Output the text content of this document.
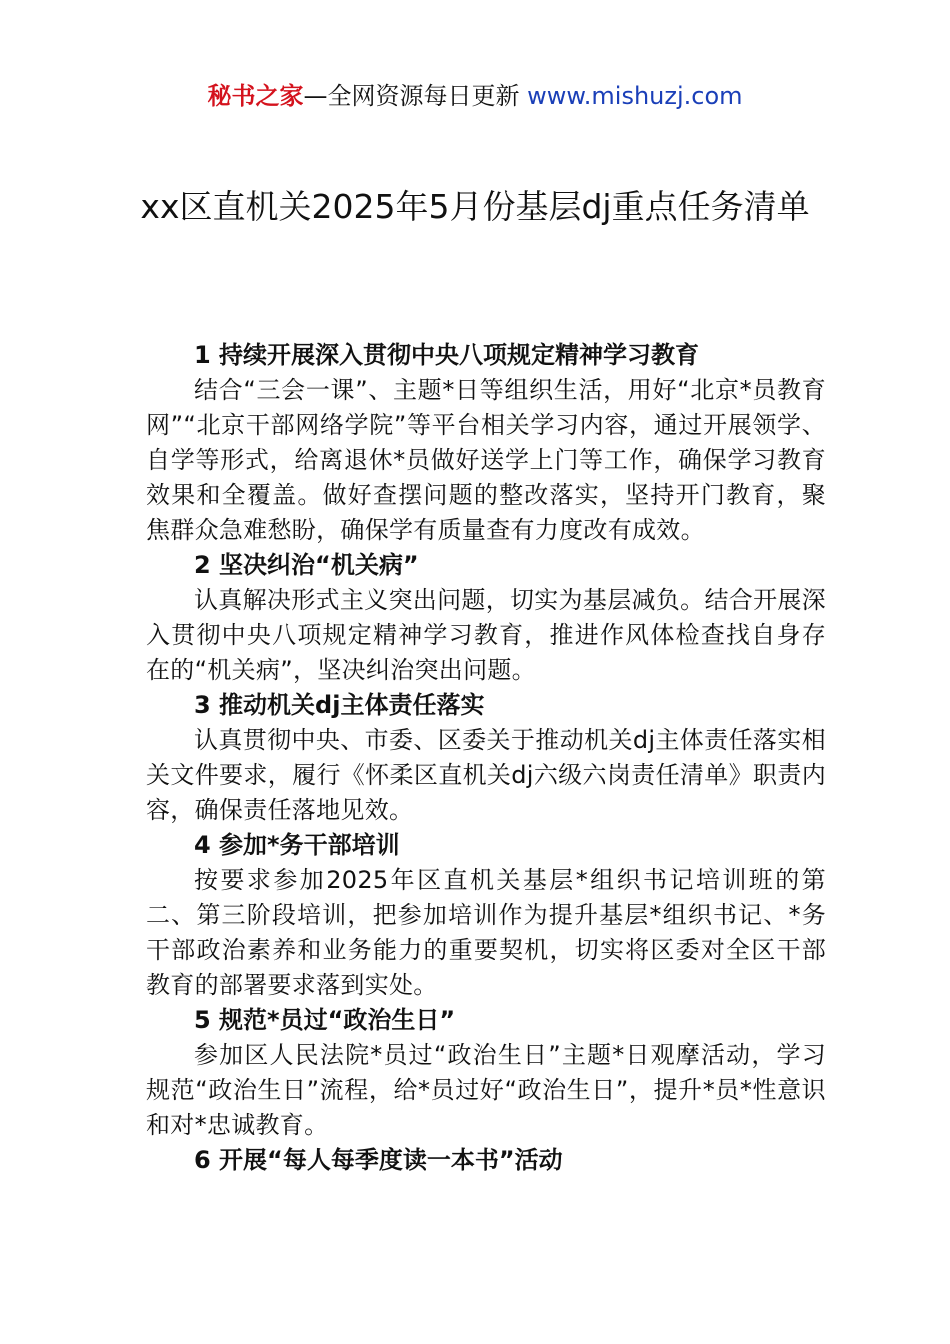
秘书之家—全网资源每日更新 www.mishuzj.com
xx区直机关2025年5月份基层dj重点任务清单

1 持续开展深入贯彻中央八项规定精神学习教育

结合“三会一课”、主题*日等组织生活，用好“北京*员教育网”“北京干部网络学院”等平台相关学习内容，通过开展领学、自学等形式，给离退休*员做好送学上门等工作，确保学习教育效果和全覆盖。做好查摆问题的整改落实，坚持开门教育，聚焦群众急难愁盼，确保学有质量查有力度改有成效。

2 坚决纠治“机关病”

认真解决形式主义突出问题，切实为基层减负。结合开展深入贯彻中央八项规定精神学习教育，推进作风体检查找自身存在的“机关病”，坚决纠治突出问题。

3 推动机关dj主体责任落实

认真贯彻中央、市委、区委关于推动机关dj主体责任落实相关文件要求，履行《怀柔区直机关dj六级六岗责任清单》职责内容，确保责任落地见效。

4 参加*务干部培训

按要求参加2025年区直机关基层*组织书记培训班的第二、第三阶段培训，把参加培训作为提升基层*组织书记、*务干部政治素养和业务能力的重要契机，切实将区委对全区干部教育的部署要求落到实处。

5 规范*员过“政治生日”

参加区人民法院*员过“政治生日”主题*日观摩活动，学习规范“政治生日”流程，给*员过好“政治生日”，提升*员*性意识和对*忠诚教育。

6 开展“每人每季度读一本书”活动
